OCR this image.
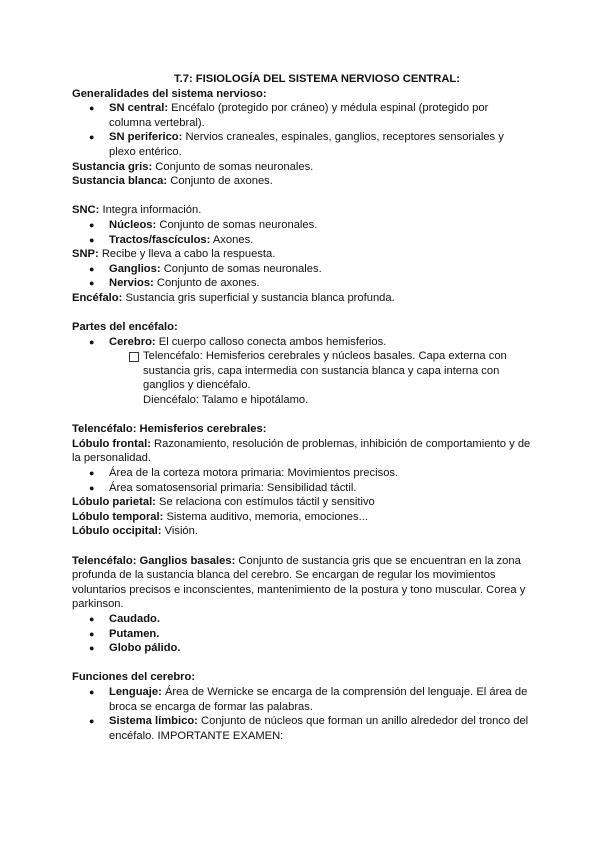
T.7: FISIOLOGÍA DEL SISTEMA NERVIOSO CENTRAL:

Generalidades del sistema nervioso:

● SN central: Encéfalo (protegido por cráneo) y médula espinal (protegido por columna vertebral).
● SN periferico: Nervios craneales, espinales, ganglios, receptores sensoriales y plexo entérico.

Sustancia gris: Conjunto de somas neuronales.

Sustancia blanca: Conjunto de axones.

SNC: Integra información.

● Núcleos: Conjunto de somas neuronales.
● Tractos/fascículos: Axones.

SNP: Recibe y lleva a cabo la respuesta.

● Ganglios: Conjunto de somas neuronales.
● Nervios: Conjunto de axones.

Encéfalo: Sustancia gris superficial y sustancia blanca profunda.

Partes del encéfalo:

● Cerebro: El cuerpo calloso conecta ambos hemisferios.
Telencéfalo: Hemisferios cerebrales y núcleos basales. Capa externa con sustancia gris, capa intermedia con sustancia blanca y capa interna con ganglios y diencéfalo.

Diencéfalo: Talamo e hipotálamo.

Telencéfalo: Hemisferios cerebrales:

Lóbulo frontal: Razonamiento, resolución de problemas, inhibición de comportamiento y de la personalidad.

● Área de la corteza motora primaria: Movimientos precisos.
● Área somatosensorial primaria: Sensibilidad táctil.

Lóbulo parietal: Se relaciona con estímulos táctil y sensitivo

Lóbulo temporal: Sistema auditivo, memoria, emociones...

Lóbulo occipital: Visión.

Telencéfalo: Ganglios basales: Conjunto de sustancia gris que se encuentran en la zona profunda de la sustancia blanca del cerebro. Se encargan de regular los movimientos voluntarios precisos e inconscientes, mantenimiento de la postura y tono muscular. Corea y parkinson.

● Caudado.
● Putamen.
● Globo pálido.

Funciones del cerebro:

● Lenguaje: Área de Wernicke se encarga de la comprensión del lenguaje. El área de broca se encarga de formar las palabras.
● Sistema límbico: Conjunto de núcleos que forman un anillo alrededor del tronco del encéfalo. IMPORTANTE EXAMEN:
